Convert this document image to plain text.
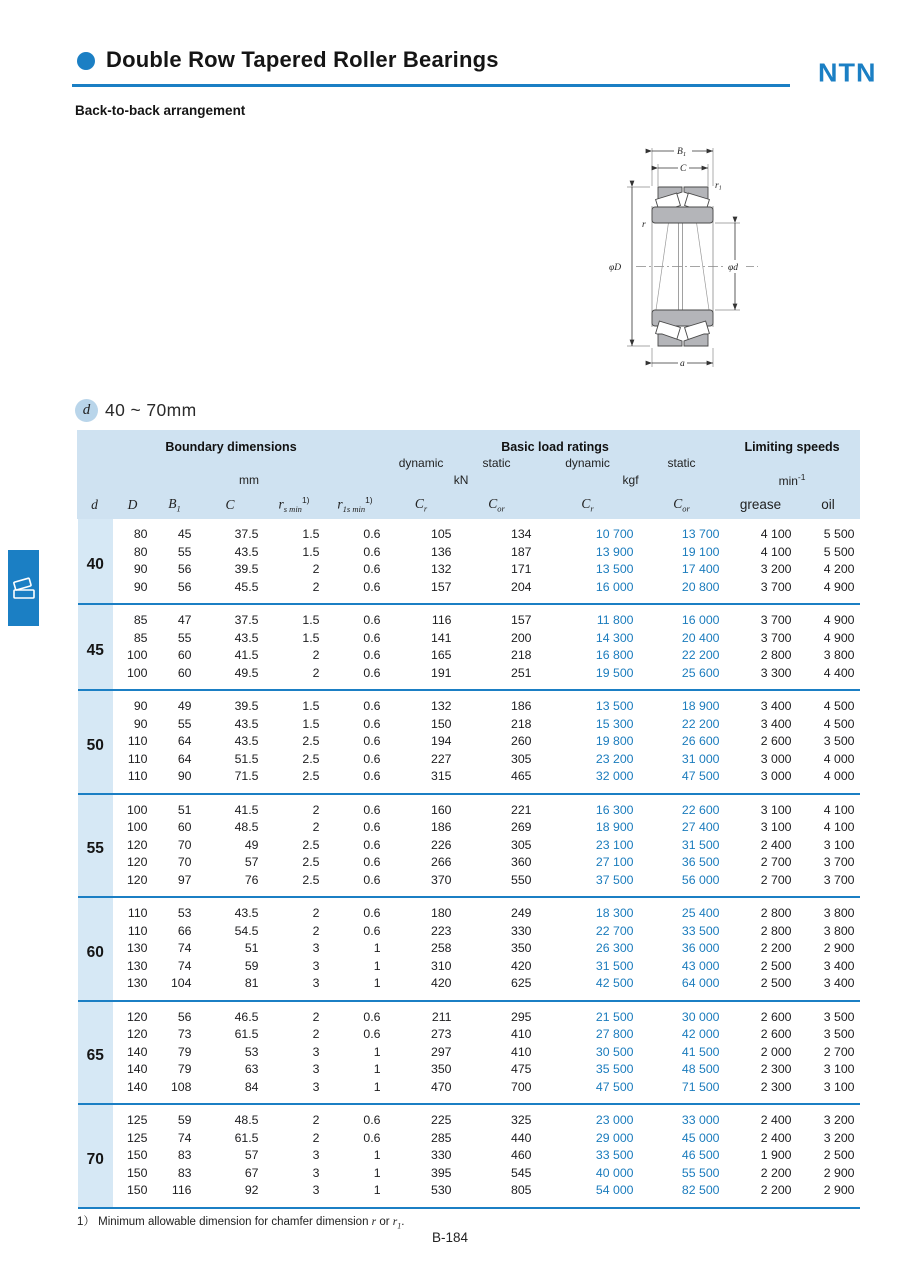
Double Row Tapered Roller Bearings	NTN
Back-to-back arrangement
$B_1$
C
r1
r
φD	φd
a
d 40 ~ 70mm
Boundary dimensions						Basic load ratings				Limiting speeds	
						dynamic	static	dynamic	static		
	mm					kN		kgf		$\min^{-1}$
d	D	$B_1$	C	$r_{s min}^{1)}$	$r_{1s min}^{1)}$	$C_r$	$C_{or}$	$C_r$	$C_{or}$	grease	oil
40	80	45	37.5	1.5	0.6	105	134	10 700	13 700	4 100	5 500
	80	55	43.5	1.5	0.6	136	187	13 900	19 100	4 100	5 500
	90	56	39.5	2	0.6	132	171	13 500	17 400	3 200	4 200
	90	56	45.5	2	0.6	157	204	16 000	20 800	3 700	4 900
45	85	47	37.5	1.5	0.6	116	157	11 800	16 000	3 700	4 900
	85	55	43.5	1.5	0.6	141	200	14 300	20 400	3 700	4 900
	100	60	41.5	2	0.6	165	218	16 800	22 200	2 800	3 800
	100	60	49.5	2	0.6	191	251	19 500	25 600	3 300	4 400
50	90	49	39.5	1.5	0.6	132	186	13 500	18 900	3 400	4 500
	90	55	43.5	1.5	0.6	150	218	15 300	22 200	3 400	4 500
	110	64	43.5	2.5	0.6	194	260	19 800	26 600	2 600	3 500
	110	64	51.5	2.5	0.6	227	305	23 200	31 000	3 000	4 000
	110	90	71.5	2.5	0.6	315	465	32 000	47 500	3 000	4 000
55	100	51	41.5	2	0.6	160	221	16 300	22 600	3 100	4 100
	100	60	48.5	2	0.6	186	269	18 900	27 400	3 100	4 100
	120	70	49	2.5	0.6	226	305	23 100	31 500	2 400	3 100
	120	70	57	2.5	0.6	266	360	27 100	36 500	2 700	3 700
	120	97	76	2.5	0.6	370	550	37 500	56 000	2 700	3 700
60	110	53	43.5	2	0.6	180	249	18 300	25 400	2 800	3 800
	110	66	54.5	2	0.6	223	330	22 700	33 500	2 800	3 800
	130	74	51	3	1	258	350	26 300	36 000	2 200	2 900
	130	74	59	3	1	310	420	31 500	43 000	2 500	3 400
	130	104	81	3	1	420	625	42 500	64 000	2 500	3 400
65	120	56	46.5	2	0.6	211	295	21 500	30 000	2 600	3 500
	120	73	61.5	2	0.6	273	410	27 800	42 000	2 600	3 500
	140	79	53	3	1	297	410	30 500	41 500	2 000	2 700
	140	79	63	3	1	350	475	35 500	48 500	2 300	3 100
	140	108	84	3	1	470	700	47 500	71 500	2 300	3 100
70	125	59	48.5	2	0.6	225	325	23 000	33 000	2 400	3 200
	125	74	61.5	2	0.6	285	440	29 000	45 000	2 400	3 200
	150	83	57	3	1	330	460	33 500	46 500	1 900	2 500
	150	83	67	3	1	395	545	40 000	55 500	2 200	2 900
	150	116	92	3	1	530	805	54 000	82 500	2 200	2 900
1） Minimum allowable dimension for chamfer dimension r or $r_1$.
B-184
